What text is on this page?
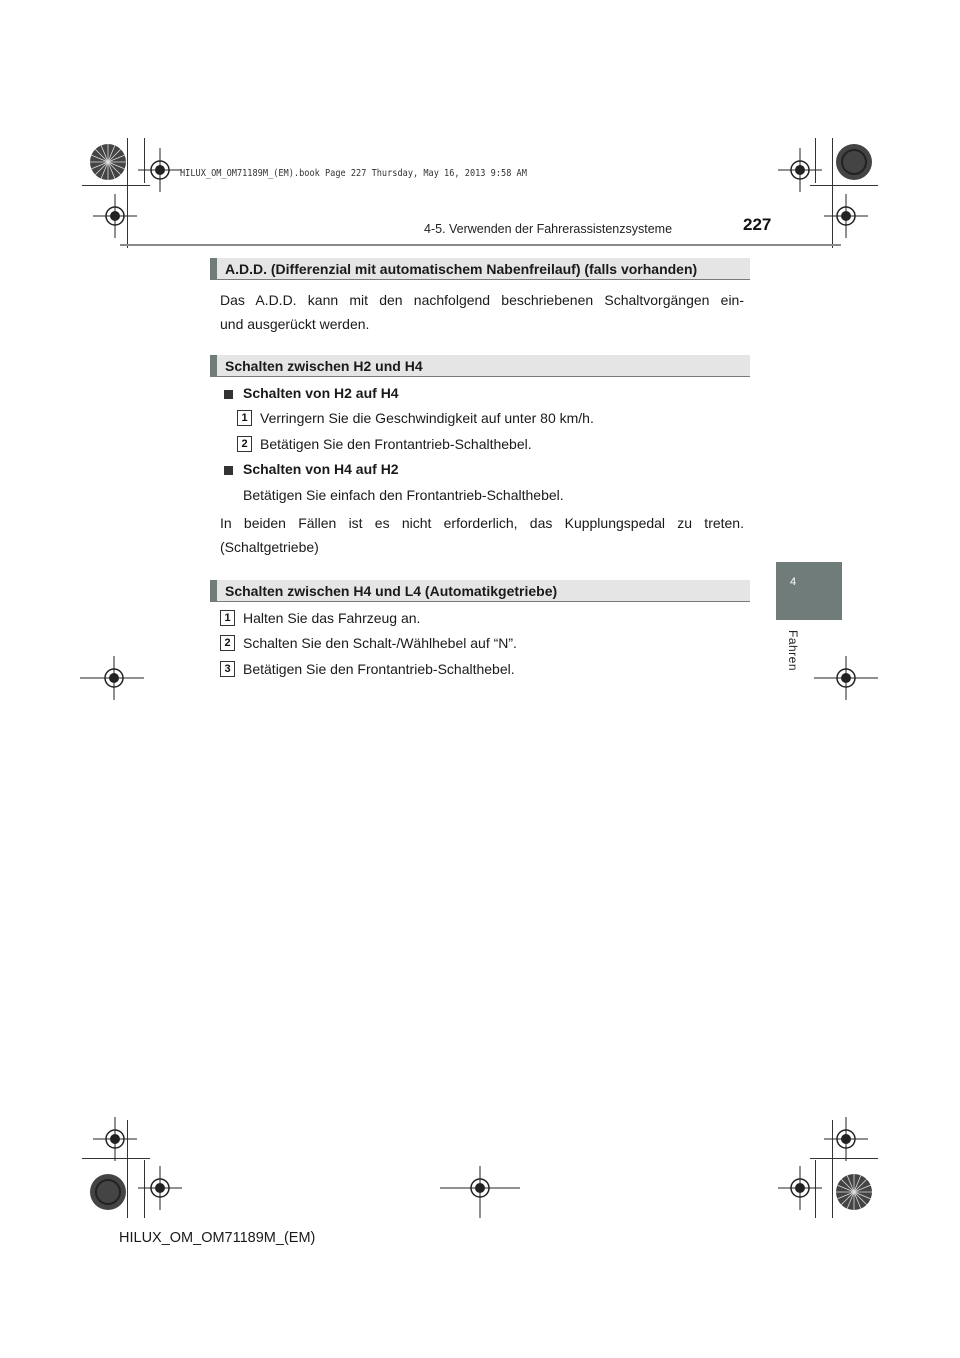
HILUX_OM_OM71189M_(EM).book Page 227 Thursday, May 16, 2013 9:58 AM
4-5. Verwenden der Fahrerassistenzsysteme	227
4
Fahren
A.D.D. (Differenzial mit automatischem Nabenfreilauf) (falls vorhanden)
Das A.D.D. kann mit den nachfolgend beschriebenen Schaltvorgängen ein-
und ausgerückt werden.
Schalten zwischen H2 und H4
Schalten von H2 auf H4
1 Verringern Sie die Geschwindigkeit auf unter 80 km/h.
2 Betätigen Sie den Frontantrieb-Schalthebel.
Schalten von H4 auf H2
Betätigen Sie einfach den Frontantrieb-Schalthebel.
In beiden Fällen ist es nicht erforderlich, das Kupplungspedal zu treten.
(Schaltgetriebe)
Schalten zwischen H4 und L4 (Automatikgetriebe)
1 Halten Sie das Fahrzeug an.
2 Schalten Sie den Schalt-/Wählhebel auf “N”.
3 Betätigen Sie den Frontantrieb-Schalthebel.
HILUX_OM_OM71189M_(EM)
